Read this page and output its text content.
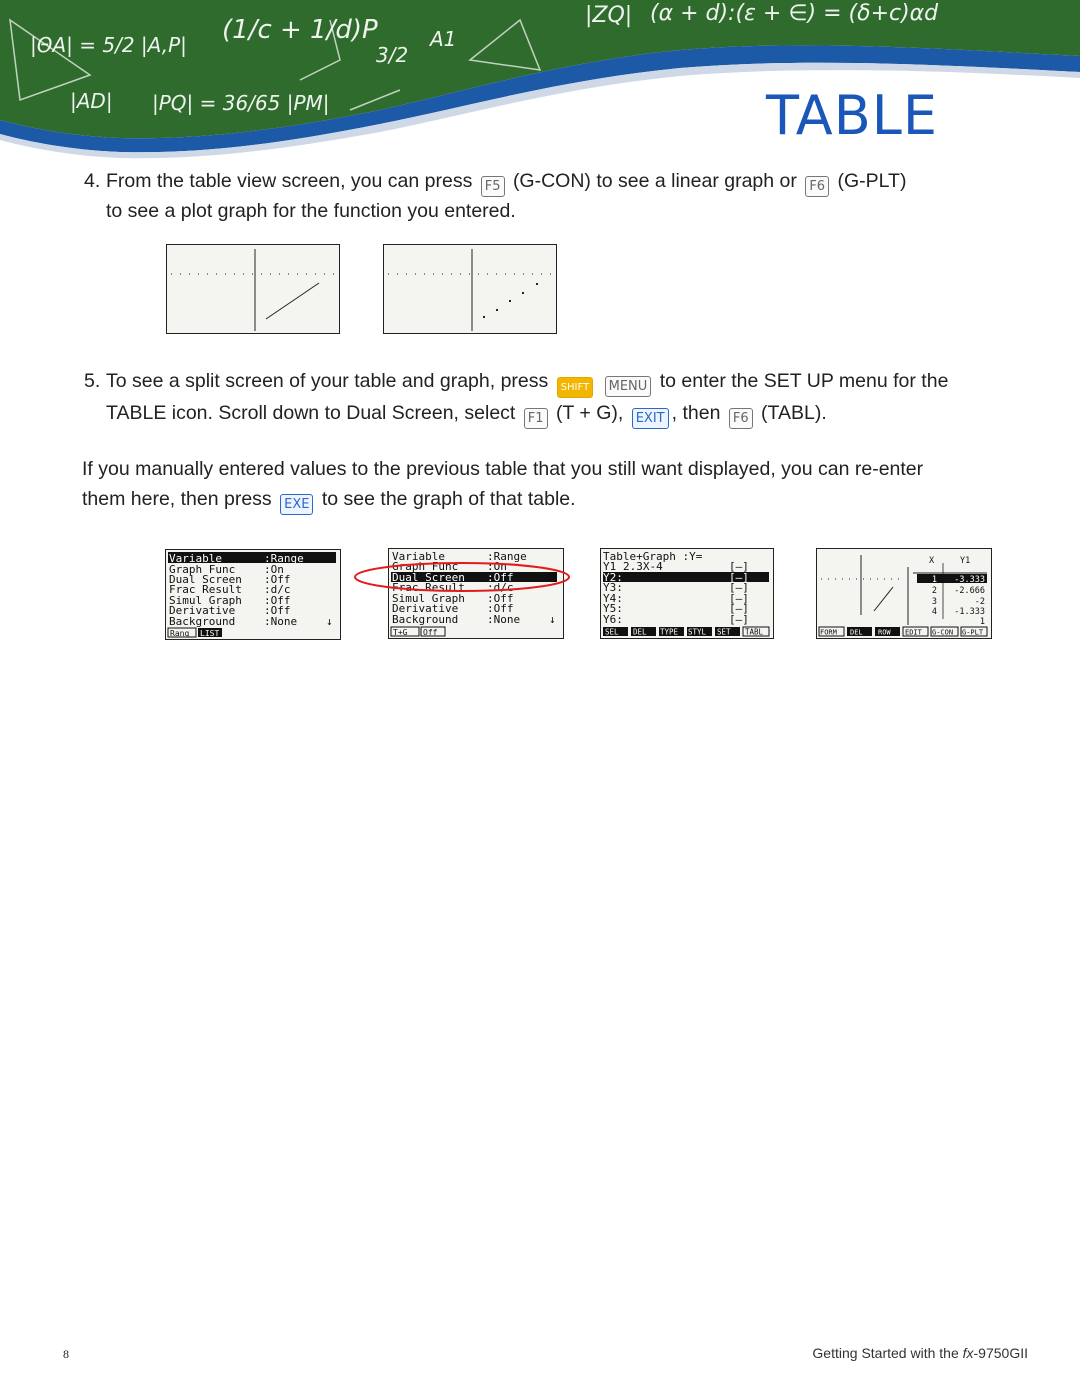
|ZQ| (α + d):(ε + ∈) = (δ+c)αd
(1/c + 1/d)P
|AD| |PQ| = 36/65 |PM|
|ΘA| = 5/2 |A,P|	3/2
A1
TABLE
4. From the table view screen, you can press F5 (G-CON) to see a linear graph or F6 (G-PLT)
to see a plot graph for the function you entered.
5. To see a split screen of your table and graph, press SHIFT MENU to enter the SET UP menu for the
TABLE icon. Scroll down to Dual Screen, select F1 (T + G), EXIT , then F6 (TABL).
If you manually entered values to the previous table that you still want displayed, you can re-enter
them here, then press EXE to see the graph of that table.
Variable	:Range
Graph Func	:On
Dual Screen :Off
Frac Result :d/c
Simul Graph :Off
Derivative	:Off
Background	:None	↓
Rang LIST
Variable	:Range
Graph Func	:On
Dual Screen :Off
Frac Result :d/c
Simul Graph :Off
Derivative	:Off
Background	:None	↓
T+G Off
Table+Graph :Y=
Y1 2.3X-4	[—]
Y2:	[—]
Y3:	[—]
Y4:	[—]
Y5:	[—]
Y6:	[—]
SEL DEL TYPE STYL SET TABL
X	Y1
1 -3.333
2 -2.666
3	-2
4 -1.333
1
FORM DEL ROW EDIT G-CON G-PLT
8	Getting Started with the fx-9750GII
